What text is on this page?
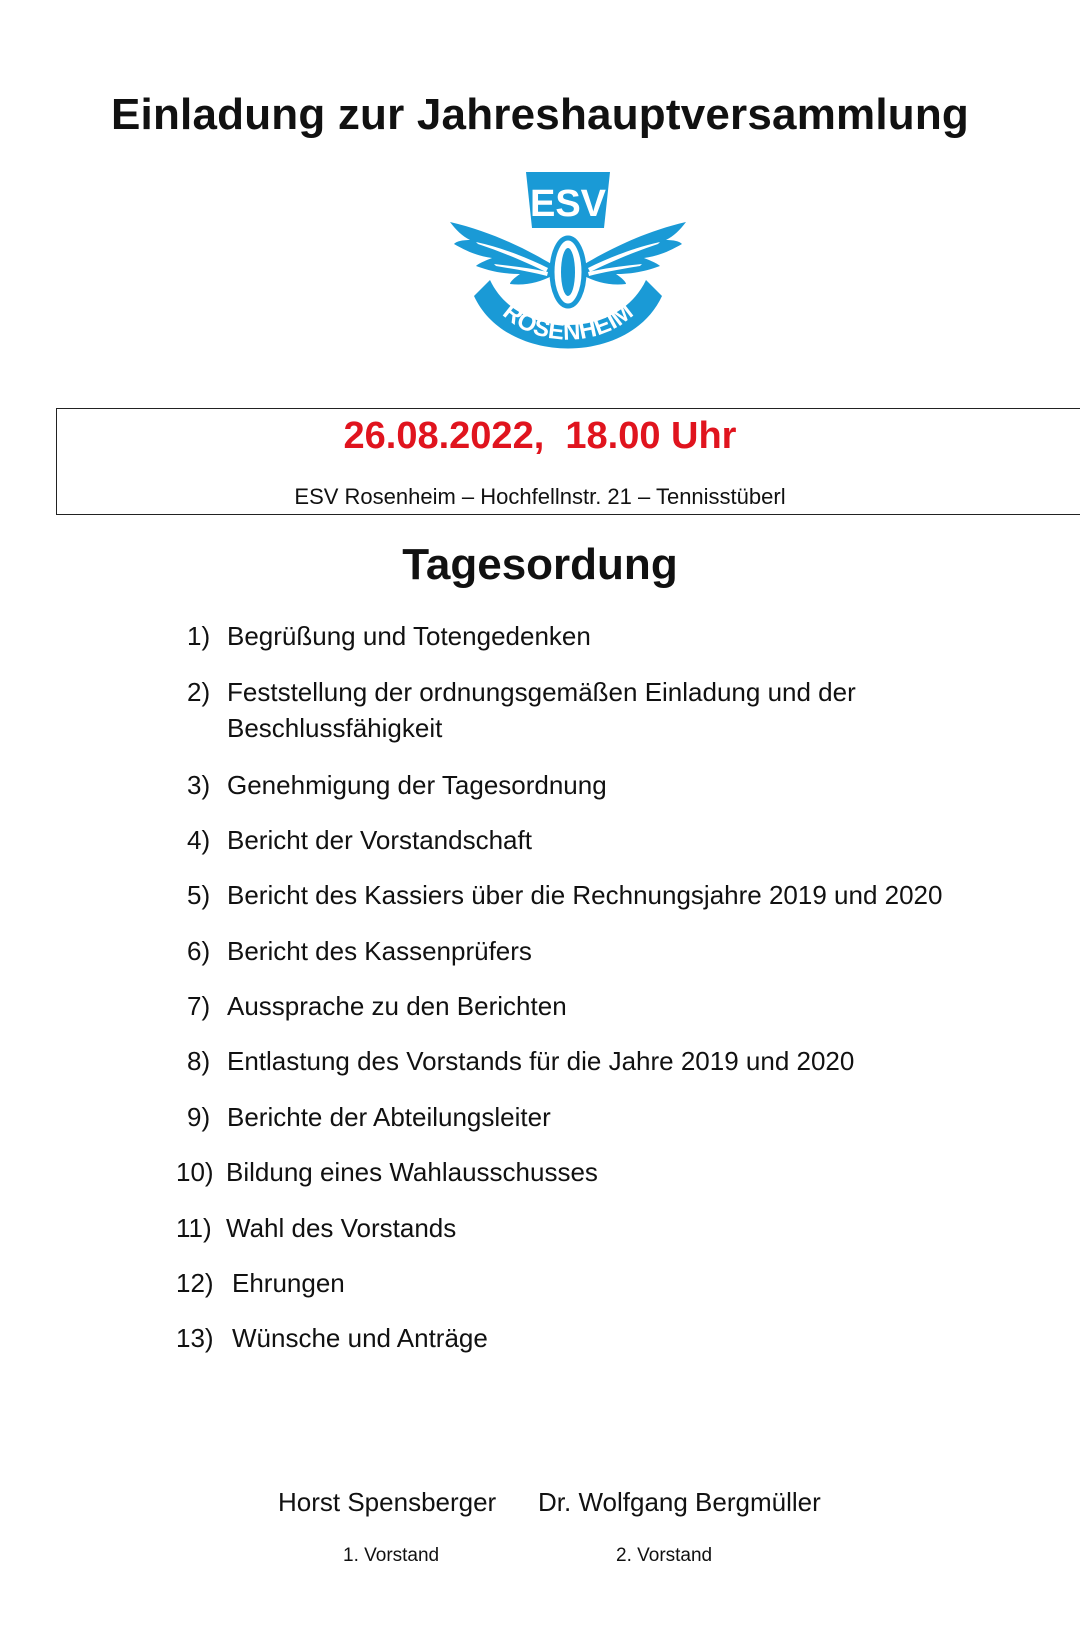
Einladung zur Jahreshauptversammlung
ESV
ROSENHEIM
26.08.2022,  18.00 Uhr
ESV Rosenheim – Hochfellnstr. 21 – Tennisstüberl
Tagesordung
1) Begrüßung und Totengedenken
2) Feststellung der ordnungsgemäßen Einladung und der
Beschlussfähigkeit
3) Genehmigung der Tagesordnung
4) Bericht der Vorstandschaft
5) Bericht des Kassiers über die Rechnungsjahre 2019 und 2020
6) Bericht des Kassenprüfers
7) Aussprache zu den Berichten
8) Entlastung des Vorstands für die Jahre 2019 und 2020
9) Berichte der Abteilungsleiter
10) Bildung eines Wahlausschusses
11) Wahl des Vorstands
12) Ehrungen
13) Wünsche und Anträge
Horst Spensberger Dr. Wolfgang Bergmüller
1. Vorstand	2. Vorstand
